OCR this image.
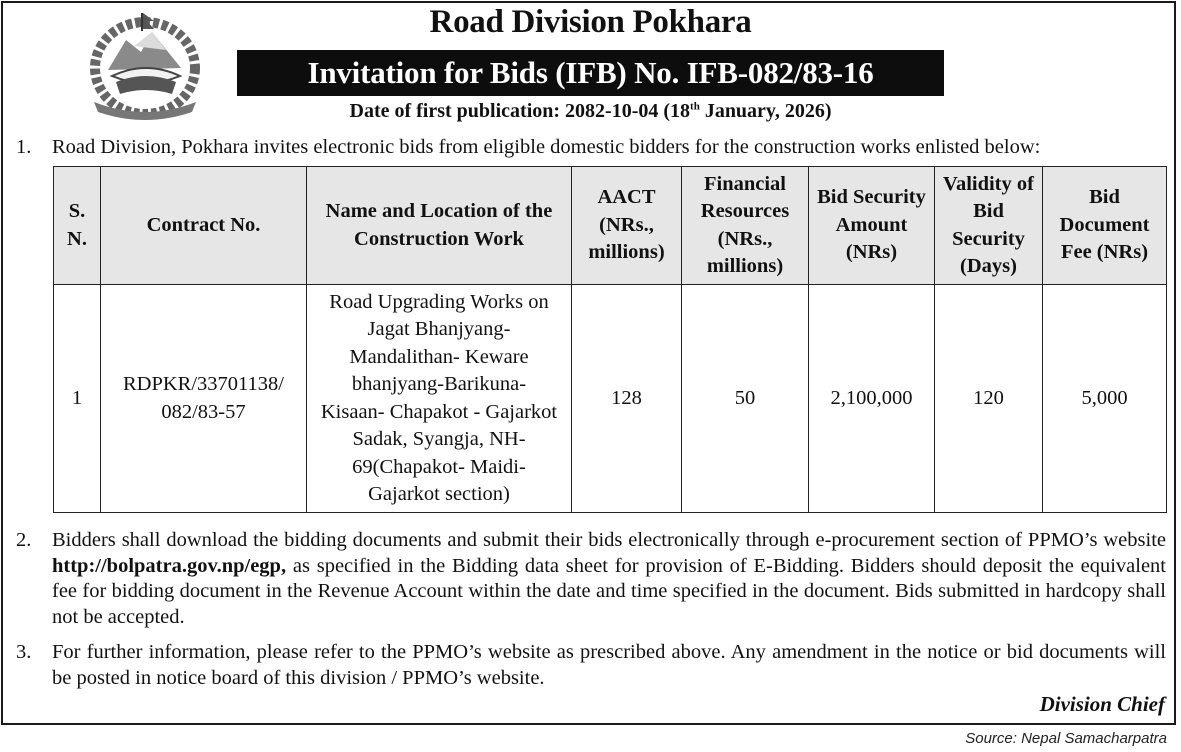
Road Division Pokhara
Invitation for Bids (IFB) No. IFB-082/83-16
Date of first publication: 2082-10-04 (18th January, 2026)
1. Road Division, Pokhara invites electronic bids from eligible domestic bidders for the construction works enlisted below:
S. N.	Contract No.	Name and Location of the Construction Work	AACT (NRs., millions)	Financial Resources (NRs., millions)	Bid Security Amount (NRs)	Validity of Bid Security (Days)	Bid Document Fee (NRs)
1	RDPKR/33701138/ 082/83-57	Road Upgrading Works on Jagat Bhanjyang- Mandalithan- Keware bhanjyang-Barikuna- Kisaan- Chapakot - Gajarkot Sadak, Syangja, NH-69(Chapakot- Maidi- Gajarkot section)	128	50	2,100,000	120	5,000
2. Bidders shall download the bidding documents and submit their bids electronically through e-procurement section of PPMO’s website http://bolpatra.gov.np/egp, as specified in the Bidding data sheet for provision of E-Bidding. Bidders should deposit the equivalent fee for bidding document in the Revenue Account within the date and time specified in the document. Bids submitted in hardcopy shall not be accepted.
3. For further information, please refer to the PPMO’s website as prescribed above. Any amendment in the notice or bid documents will be posted in notice board of this division / PPMO’s website.
Division Chief
Source: Nepal Samacharpatra
